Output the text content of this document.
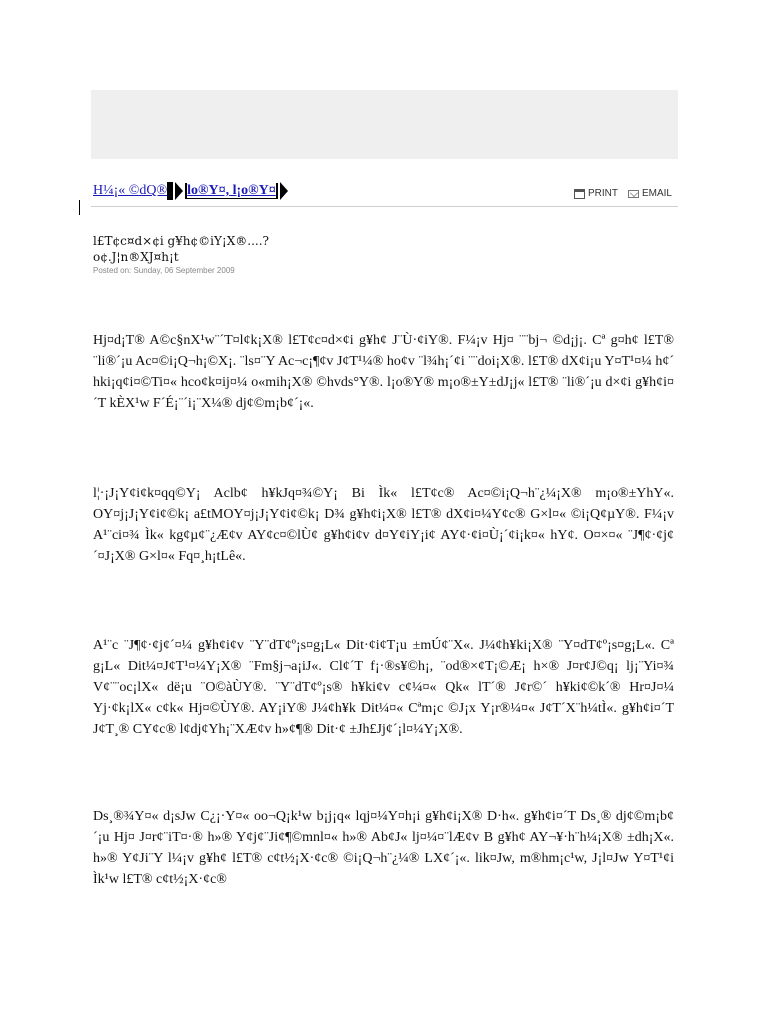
H¼¡« ©dQ® lo®Y¤, l¡o®Y¤	PRINT EMAIL
l£T¢c¤d×¢i g¥h¢©iY¡X®....?
o¢.J¦n®XJ¤h¡t
Posted on: Sunday, 06 September 2009

Hj¤d¡T® A©c§nX¹w¨´T¤l¢k¡X® l£T¢c¤d×¢i g¥h¢ J¨Ù·¢iY®. F¼¡v Hj¤ ¨¨bj¬ ©d¡j¡. Cª g¤h¢ l£T® ¨li®´¡u Ac¤©i¡Q¬h¡©X¡. ¨ls¤¨Y Ac¬c¡¶¢v J¢T¹¼® ho¢v ¨l¾h¡´¢i ¨¨doi¡X®. l£T® dX¢i¡u Y¤T¹¤¼ h¢´ hki¡q¢i¤©Ti¤« hco¢k¤ij¤¼ o«mih¡X® ©hvds°Y®. l¡o®Y® m¡o®±Y±dJ¡j« l£T® ¨li®´¡u d×¢i g¥h¢i¤´T kÈX¹w F´É¡¨´i¡¨X¼® dj¢©m¡b¢´¡«.

l¦·¡J¡Y¢i¢k¤qq©Y¡ Aclb¢ h¥kJq¤¾©Y¡ Bi Ìk« l£T¢c® Ac¤©i¡Q¬h¨¿¼¡X® m¡o®±YhY«. OY¤j¡J¡Y¢i¢©k¡ a£tMOY¤j¡J¡Y¢i¢©k¡ D¾ g¥h¢i¡X® l£T® dX¢i¤¼Y¢c® G×l¤« ©i¡Q¢µY®. F¼¡v A¹¨ci¤¾ Ìk« kg¢µ¢¨¿Æ¢v AY¢c¤©lÙ¢ g¥h¢i¢v d¤Y¢iY¡i¢ AY¢·¢i¤Ù¡´¢i¡k¤« hY¢. O¤×¤« ¨J¶¢·¢j¢´¤J¡X® G×l¤« Fq¤¸h¡tLê«.

A¹¨c ¨J¶¢·¢j¢´¤¼ g¥h¢i¢v ¨Y¨dT¢º¡s¤g¡L« Dit·¢i¢T¡u ±mÚ¢¨X«. J¼¢h¥ki¡X® ¨Y¤dT¢º¡s¤g¡L«. Cª g¡L« Dit¼¤J¢T¹¤¼Y¡X® ¨Fm§j¬a¡iJ«. Cl¢´T f¡·®s¥©h¡, ¨od®×¢T¡©Æ¡ h×® J¤r¢J©q¡ lj¡¨Yi¤¾ V¢¨¨oc¡lX« dë¡u ¨O©àÙY®. ¨Y¨dT¢º¡s® h¥ki¢v c¢¼¤« Qk« lT´® J¢r©´ h¥ki¢©k´® Hr¤J¤¼ Yj·¢k¡lX« c¢k« Hj¤©ÙY®. AY¡iY® J¼¢h¥k Dit¼¤« Cªm¡c ©J¡x Y¡r®¼¤« J¢T´X¨h¼tÌ«. g¥h¢i¤´T J¢T¸® CY¢c® l¢dj¢Yh¡¨XÆ¢v h»¢¶® Dit·¢ ±Jh£Jj¢´¡l¤¼Y¡X®.

Ds¸®¾Y¤« d¡sJw C¿¡·Y¤« oo¬Q¡k¹w b¡j¡q« lqj¤¼Y¤h¡i g¥h¢i¡X® D·h«. g¥h¢i¤´T Ds¸® dj¢©m¡b¢´¡u Hj¤ J¤r¢¨iT¤·® h»® Y¢j¢¨Ji¢¶©mnl¤« h»® Ab¢J« lj¤¼¤¨lÆ¢v B g¥h¢ AY¬¥·h¨h¼¡X® ±dh¡X«. h»® Y¢Ji¨Y l¼¡v g¥h¢ l£T® c¢t½¡X·¢c® ©i¡Q¬h¨¿¼® LX¢´¡«. lik¤Jw, m®hm¡c¹w, J¡l¤Jw Y¤T¹¢i Ìk¹w l£T® c¢t½¡X·¢c®
